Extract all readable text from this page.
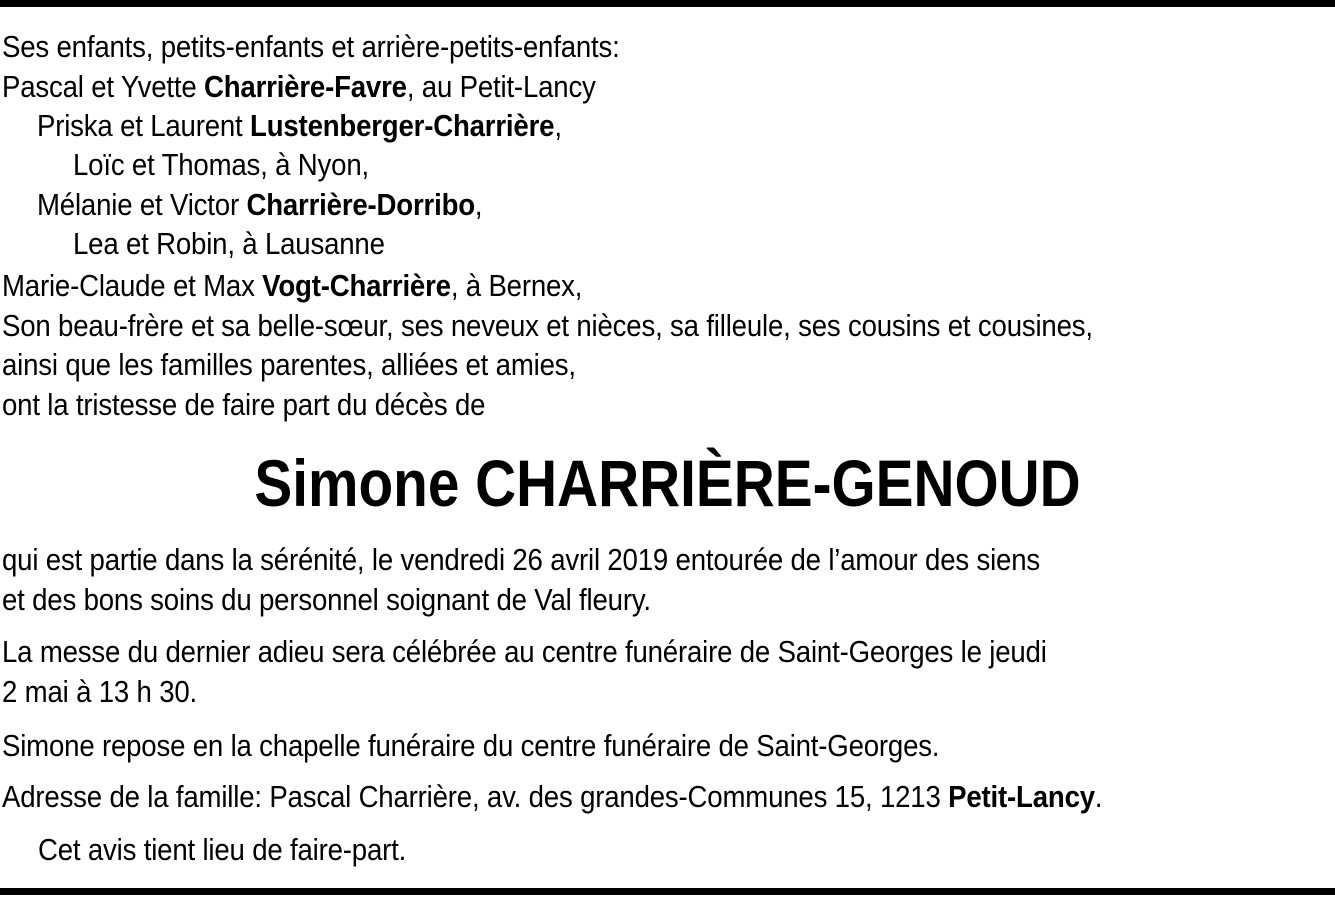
Ses enfants, petits-enfants et arrière-petits-enfants:
Pascal et Yvette Charrière-Favre, au Petit-Lancy
Priska et Laurent Lustenberger-Charrière,
Loïc et Thomas, à Nyon,
Mélanie et Victor Charrière-Dorribo,
Lea et Robin, à Lausanne
Marie-Claude et Max Vogt-Charrière, à Bernex,
Son beau-frère et sa belle-sœur, ses neveux et nièces, sa filleule, ses cousins et cousines,
ainsi que les familles parentes, alliées et amies,
ont la tristesse de faire part du décès de
Simone CHARRIÈRE-GENOUD
qui est partie dans la sérénité, le vendredi 26 avril 2019 entourée de l’amour des siens
et des bons soins du personnel soignant de Val fleury.
La messe du dernier adieu sera célébrée au centre funéraire de Saint-Georges le jeudi
2 mai à 13 h 30.
Simone repose en la chapelle funéraire du centre funéraire de Saint-Georges.
Adresse de la famille: Pascal Charrière, av. des grandes-Communes 15, 1213 Petit-Lancy.
Cet avis tient lieu de faire-part.
